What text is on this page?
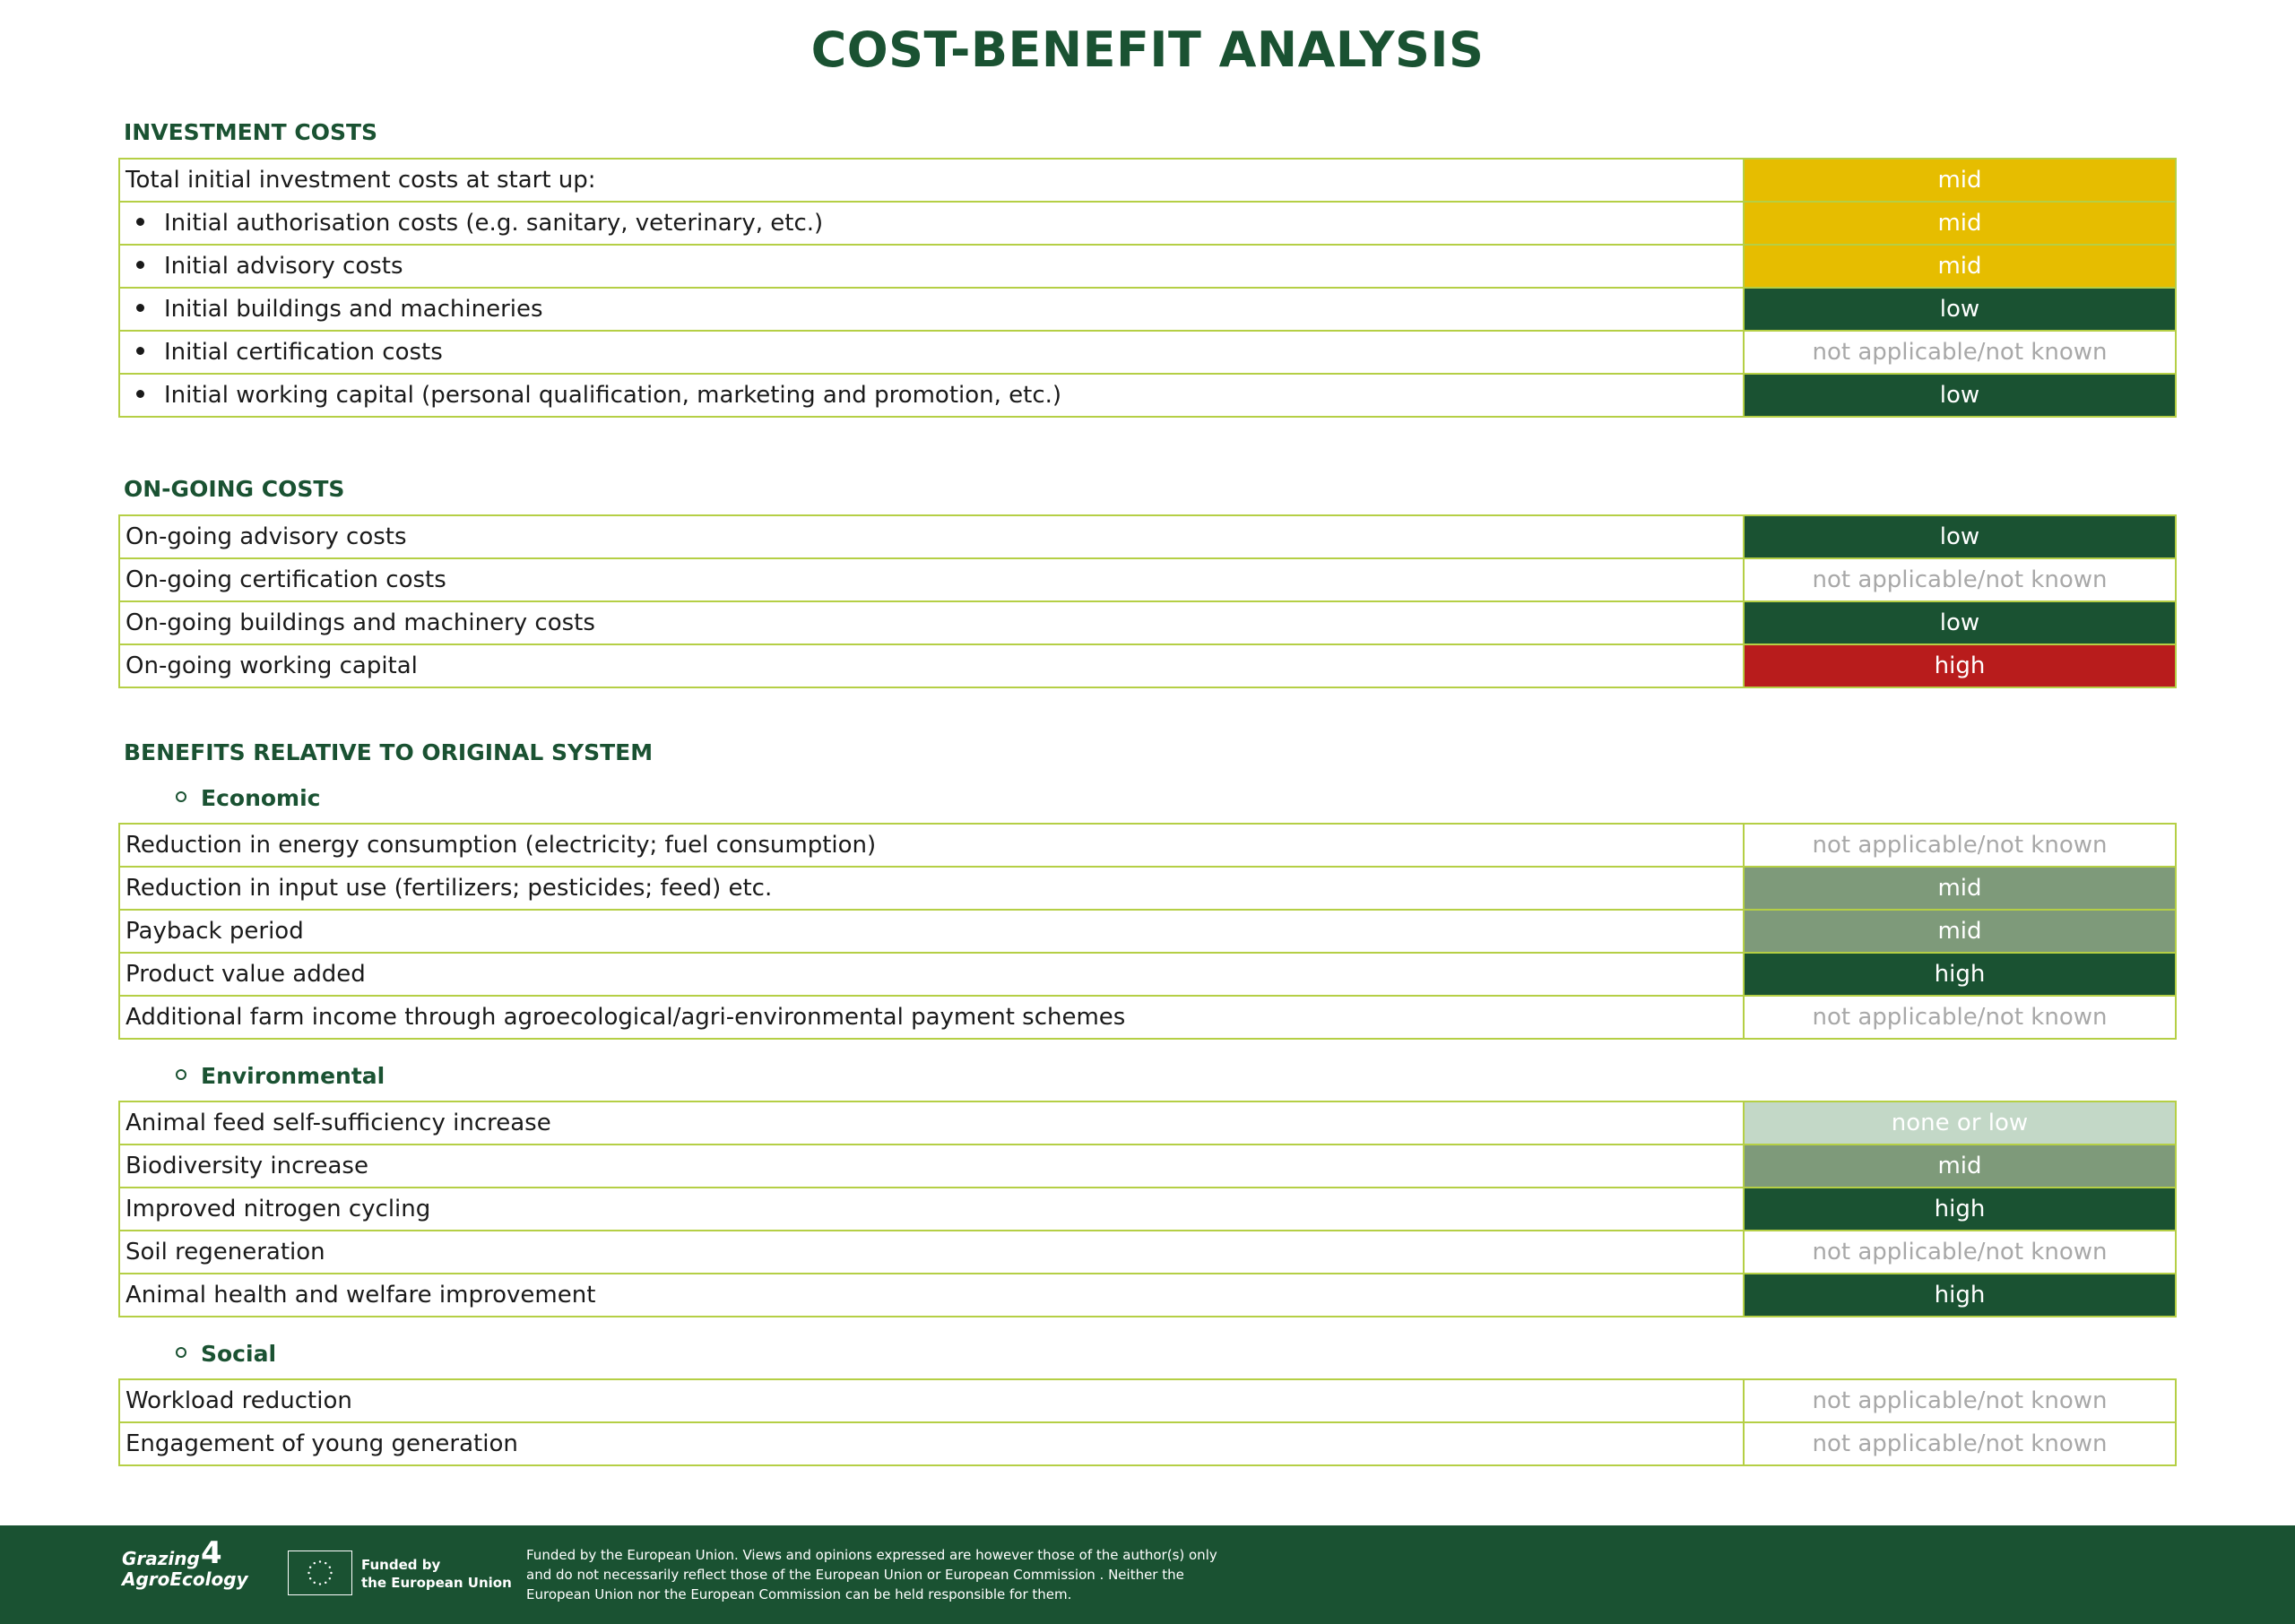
COST-BENEFIT ANALYSIS
INVESTMENT COSTS
Total initial investment costs at start up:	mid
Initial authorisation costs (e.g. sanitary, veterinary, etc.)	mid
Initial advisory costs	mid
Initial buildings and machineries	low
Initial certification costs	not applicable/not known
Initial working capital (personal qualification, marketing and promotion, etc.)	low
ON-GOING COSTS
On-going advisory costs	low
On-going certification costs	not applicable/not known
On-going buildings and machinery costs	low
On-going working capital	high
BENEFITS RELATIVE TO ORIGINAL SYSTEM
Economic
Reduction in energy consumption (electricity; fuel consumption)	not applicable/not known
Reduction in input use (fertilizers; pesticides; feed) etc.	mid
Payback period	mid
Product value added	high
Additional farm income through agroecological/agri-environmental payment schemes	not applicable/not known
Environmental
Animal feed self-sufficiency increase	none or low
Biodiversity increase	mid
Improved nitrogen cycling	high
Soil regeneration	not applicable/not known
Animal health and welfare improvement	high
Social
Workload reduction	not applicable/not known
Engagement of young generation	not applicable/not known
Grazing
AgroEcology
4	Funded by
the European Union
Funded by the European Union. Views and opinions expressed are however those of the author(s) only and do not necessarily reflect those of the European Union or European Commission . Neither the European Union nor the European Commission can be held responsible for them.
